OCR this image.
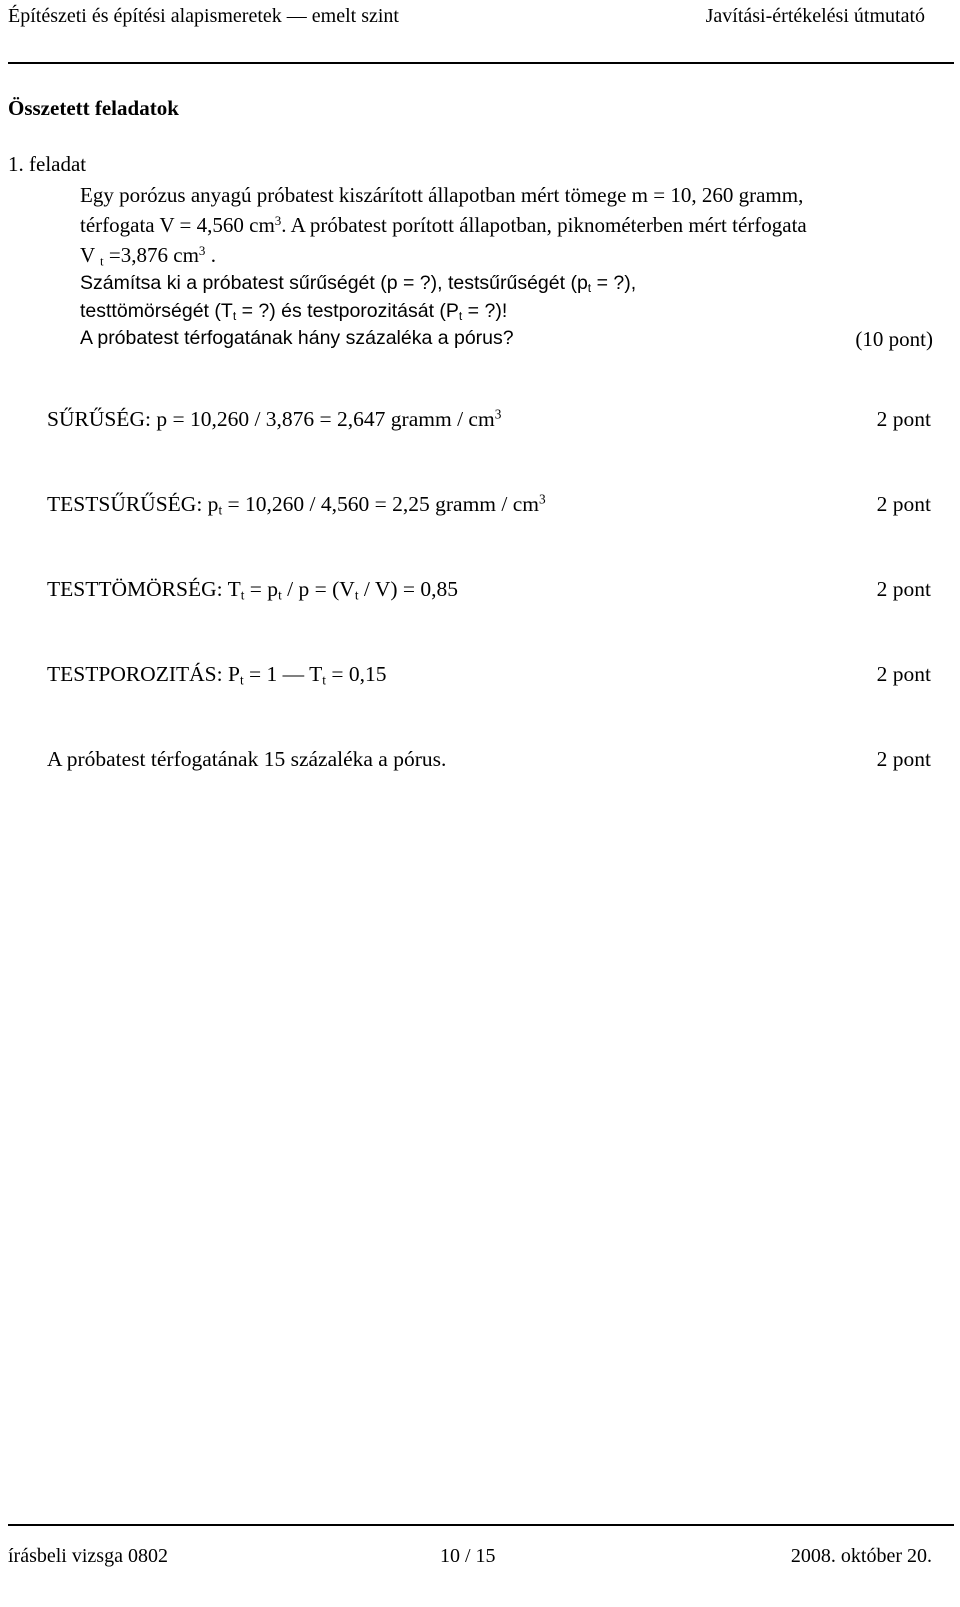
Építészeti és építési alapismeretek — emelt szint	Javítási-értékelési útmutató
Összetett feladatok
1. feladat
Egy porózus anyagú próbatest kiszárított állapotban mért tömege m = 10, 260 gramm,
térfogata V = 4,560 $cm^3$. A próbatest porított állapotban, piknométerben mért térfogata
V $_t$ =3,876 $cm^3$ .
Számítsa ki a próbatest sűrűségét (p = ?), testsűrűségét ($p_t$ = ?),
testtömörségét ($T_t$ = ?) és testporozitását ($P_t$ = ?)!
A próbatest térfogatának hány százaléka a pórus?	(10 pont)
SŰRŰSÉG: p = 10,260 / 3,876 = 2,647 gramm / $cm^3$	2 pont
TESTSŰRŰSÉG: $p_t = 10,260 / 4,560 = 2,25$ gramm / $cm^3$	2 pont
TESTTÖMÖRSÉG: $T_t = p_t / p = (V_t / V) = 0,85$	2 pont
TESTPOROZITÁS: $P_t = 1$ — $T_t = 0,15$	2 pont
A próbatest térfogatának 15 százaléka a pórus.	2 pont
írásbeli vizsga 0802	10 / 15	2008. október 20.
